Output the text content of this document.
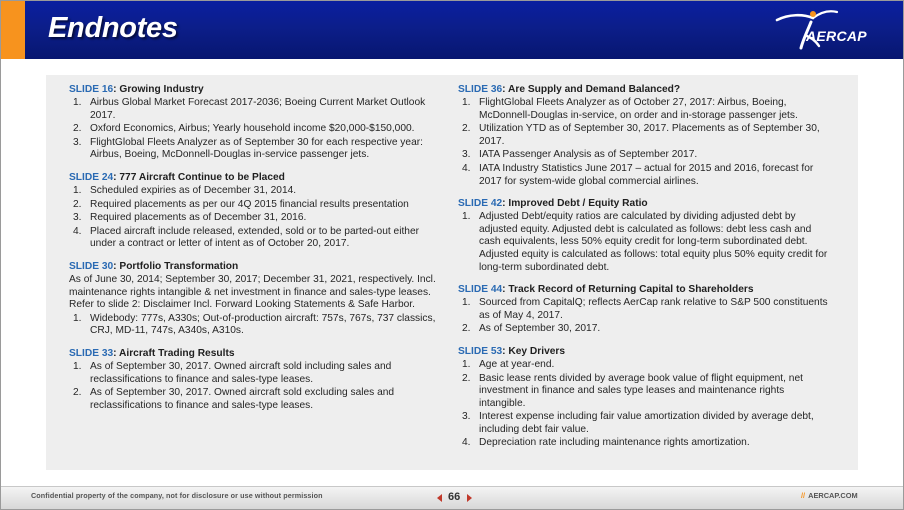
Endnotes	AERCAP
SLIDE 16: Growing Industry
1. Airbus Global Market Forecast 2017-2036; Boeing Current Market Outlook 2017.
2. Oxford Economics, Airbus; Yearly household income $20,000-$150,000.
3. FlightGlobal Fleets Analyzer as of September 30 for each respective year: Airbus, Boeing, McDonnell-Douglas in-service passenger jets.
SLIDE 24: 777 Aircraft Continue to be Placed
1. Scheduled expiries as of December 31, 2014.
2. Required placements as per our 4Q 2015 financial results presentation
3. Required placements as of December 31, 2016.
4. Placed aircraft include released, extended, sold or to be parted-out either under a contract or letter of intent as of October 20, 2017.
SLIDE 30: Portfolio Transformation
As of June 30, 2014; September 30, 2017; December 31, 2021, respectively. Incl. maintenance rights intangible & net investment in finance and sales-type leases. Refer to slide 2: Disclaimer Incl. Forward Looking Statements & Safe Harbor.
1. Widebody: 777s, A330s; Out-of-production aircraft: 757s, 767s, 737 classics, CRJ, MD-11, 747s, A340s, A310s.
SLIDE 33: Aircraft Trading Results
1. As of September 30, 2017. Owned aircraft sold including sales and reclassifications to finance and sales-type leases.
2. As of September 30, 2017. Owned aircraft sold excluding sales and reclassifications to finance and sales-type leases.
SLIDE 36: Are Supply and Demand Balanced?
1. FlightGlobal Fleets Analyzer as of October 27, 2017: Airbus, Boeing, McDonnell-Douglas in-service, on order and in-storage passenger jets.
2. Utilization YTD as of September 30, 2017. Placements as of September 30, 2017.
3. IATA Passenger Analysis as of September 2017.
4. IATA Industry Statistics June 2017 – actual for 2015 and 2016, forecast for 2017 for system-wide global commercial airlines.
SLIDE 42: Improved Debt / Equity Ratio
1. Adjusted Debt/equity ratios are calculated by dividing adjusted debt by adjusted equity. Adjusted debt is calculated as follows: debt less cash and cash equivalents, less 50% equity credit for long-term subordinated debt. Adjusted equity is calculated as follows: total equity plus 50% equity credit for long-term subordinated debt.
SLIDE 44: Track Record of Returning Capital to Shareholders
1. Sourced from CapitalQ; reflects AerCap rank relative to S&P 500 constituents as of May 4, 2017.
2. As of September 30, 2017.
SLIDE 53: Key Drivers
1. Age at year-end.
2. Basic lease rents divided by average book value of flight equipment, net investment in finance and sales type leases and maintenance rights intangible.
3. Interest expense including fair value amortization divided by average debt, including debt fair value.
4. Depreciation rate including maintenance rights amortization.
Confidential property of the company, not for disclosure or use without permission	66	// AERCAP.COM
